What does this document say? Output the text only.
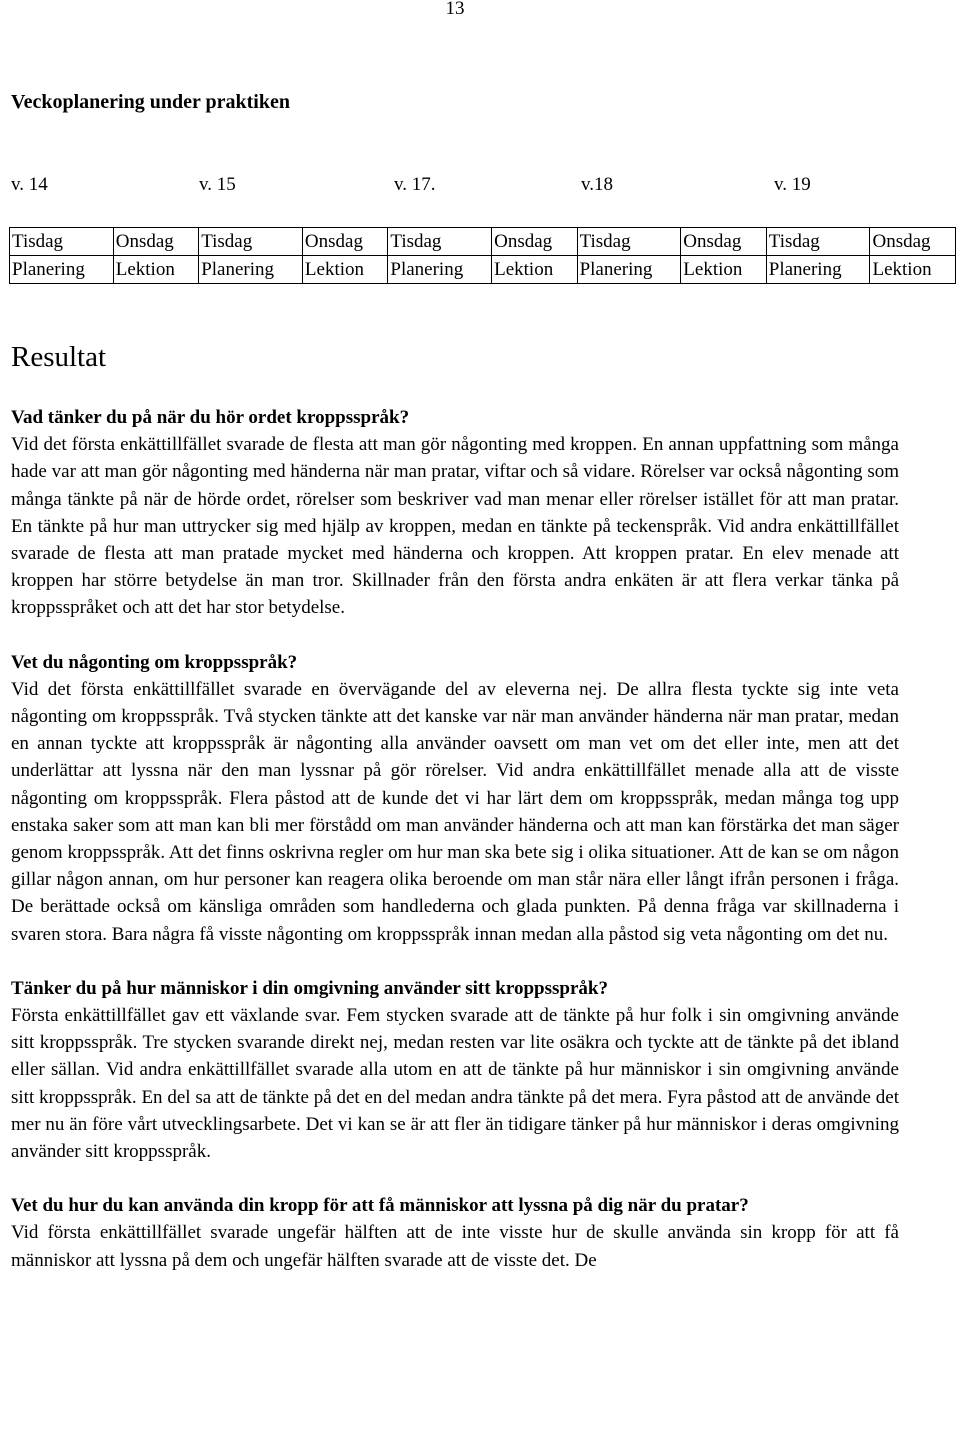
13
Veckoplanering under praktiken
v. 14	v. 15	v. 17.	v.18	v. 19
Tisdag	Onsdag	Tisdag	Onsdag	Tisdag	Onsdag	Tisdag	Onsdag	Tisdag	Onsdag
Planering	Lektion	Planering	Lektion	Planering	Lektion	Planering	Lektion	Planering	Lektion
Resultat
Vad tänker du på när du hör ordet kroppsspråk?

Vid det första enkättillfället svarade de flesta att man gör någonting med kroppen. En annan uppfattning som många hade var att man gör någonting med händerna när man pratar, viftar och så vidare. Rörelser var också någonting som många tänkte på när de hörde ordet, rörelser som beskriver vad man menar eller rörelser istället för att man pratar. En tänkte på hur man uttrycker sig med hjälp av kroppen, medan en tänkte på teckenspråk. Vid andra enkättillfället svarade de flesta att man pratade mycket med händerna och kroppen. Att kroppen pratar. En elev menade att kroppen har större betydelse än man tror. Skillnader från den första andra enkäten är att flera verkar tänka på kroppsspråket och att det har stor betydelse.

Vet du någonting om kroppsspråk?

Vid det första enkättillfället svarade en övervägande del av eleverna nej. De allra flesta tyckte sig inte veta någonting om kroppsspråk. Två stycken tänkte att det kanske var när man använder händerna när man pratar, medan en annan tyckte att kroppsspråk är någonting alla använder oavsett om man vet om det eller inte, men att det underlättar att lyssna när den man lyssnar på gör rörelser. Vid andra enkättillfället menade alla att de visste någonting om kroppsspråk. Flera påstod att de kunde det vi har lärt dem om kroppsspråk, medan många tog upp enstaka saker som att man kan bli mer förstådd om man använder händerna och att man kan förstärka det man säger genom kroppsspråk. Att det finns oskrivna regler om hur man ska bete sig i olika situationer. Att de kan se om någon gillar någon annan, om hur personer kan reagera olika beroende om man står nära eller långt ifrån personen i fråga. De berättade också om känsliga områden som handlederna och glada punkten. På denna fråga var skillnaderna i svaren stora. Bara några få visste någonting om kroppsspråk innan medan alla påstod sig veta någonting om det nu.

Tänker du på hur människor i din omgivning använder sitt kroppsspråk?

Första enkättillfället gav ett växlande svar. Fem stycken svarade att de tänkte på hur folk i sin omgivning använde sitt kroppsspråk. Tre stycken svarande direkt nej, medan resten var lite osäkra och tyckte att de tänkte på det ibland eller sällan. Vid andra enkättillfället svarade alla utom en att de tänkte på hur människor i sin omgivning använde sitt kroppsspråk. En del sa att de tänkte på det en del medan andra tänkte på det mera. Fyra påstod att de använde det mer nu än före vårt utvecklingsarbete. Det vi kan se är att fler än tidigare tänker på hur människor i deras omgivning använder sitt kroppsspråk.

Vet du hur du kan använda din kropp för att få människor att lyssna på dig när du pratar?

Vid första enkättillfället svarade ungefär hälften att de inte visste hur de skulle använda sin kropp för att få människor att lyssna på dem och ungefär hälften svarade att de visste det. De
